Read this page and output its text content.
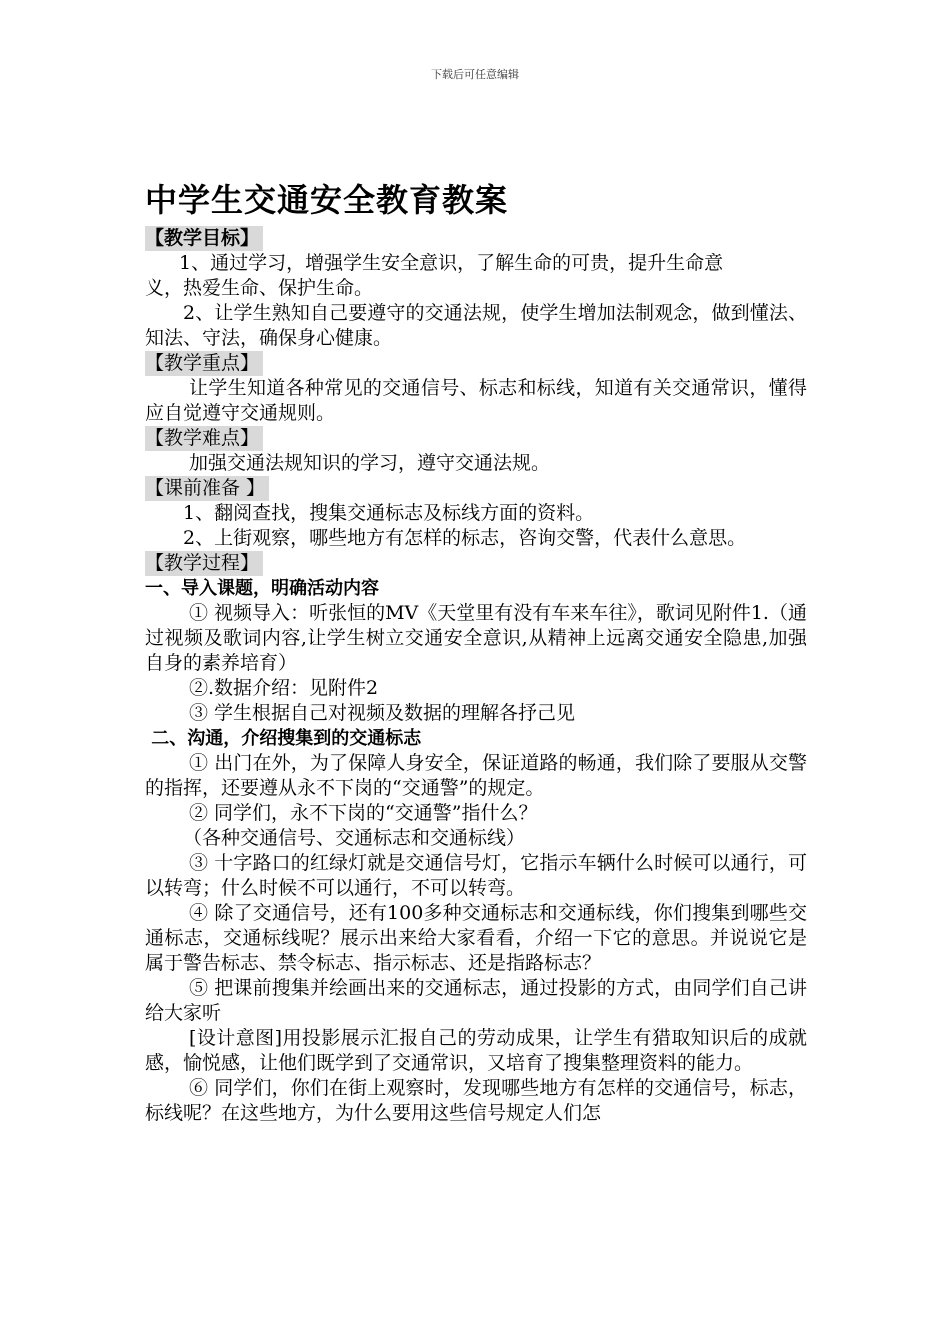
下载后可任意编辑
中学生交通安全教育教案
【教学目标】

1、通过学习，增强学生安全意识，了解生命的可贵，提升生命意

义，热爱生命、保护生命。

2、让学生熟知自己要遵守的交通法规，使学生增加法制观念，做到懂法、知法、守法，确保身心健康。

【教学重点】

让学生知道各种常见的交通信号、标志和标线，知道有关交通常识，懂得应自觉遵守交通规则。

【教学难点】

加强交通法规知识的学习，遵守交通法规。

【课前准备 】

1、翻阅查找，搜集交通标志及标线方面的资料。

2、上街观察，哪些地方有怎样的标志，咨询交警，代表什么意思。

【教学过程】
一、导入课题，明确活动内容

① 视频导入：听张恒的MV《天堂里有没有车来车往》，歌词见附件1.（通过视频及歌词内容,让学生树立交通安全意识,从精神上远离交通安全隐患,加强自身的素养培育）

②.数据介绍：见附件2

③ 学生根据自己对视频及数据的理解各抒己见

二、沟通，介绍搜集到的交通标志

① 出门在外，为了保障人身安全，保证道路的畅通，我们除了要服从交警的指挥，还要遵从永不下岗的“交通警”的规定。

② 同学们，永不下岗的“交通警”指什么？

（各种交通信号、交通标志和交通标线）

③ 十字路口的红绿灯就是交通信号灯，它指示车辆什么时候可以通行，可以转弯；什么时候不可以通行，不可以转弯。

④ 除了交通信号，还有100多种交通标志和交通标线，你们搜集到哪些交通标志，交通标线呢？展示出来给大家看看，介绍一下它的意思。并说说它是属于警告标志、禁令标志、指示标志、还是指路标志？

⑤ 把课前搜集并绘画出来的交通标志，通过投影的方式，由同学们自己讲给大家听

[设计意图]用投影展示汇报自己的劳动成果，让学生有猎取知识后的成就感，愉悦感，让他们既学到了交通常识，又培育了搜集整理资料的能力。

⑥ 同学们，你们在街上观察时，发现哪些地方有怎样的交通信号，标志，标线呢？在这些地方，为什么要用这些信号规定人们怎
